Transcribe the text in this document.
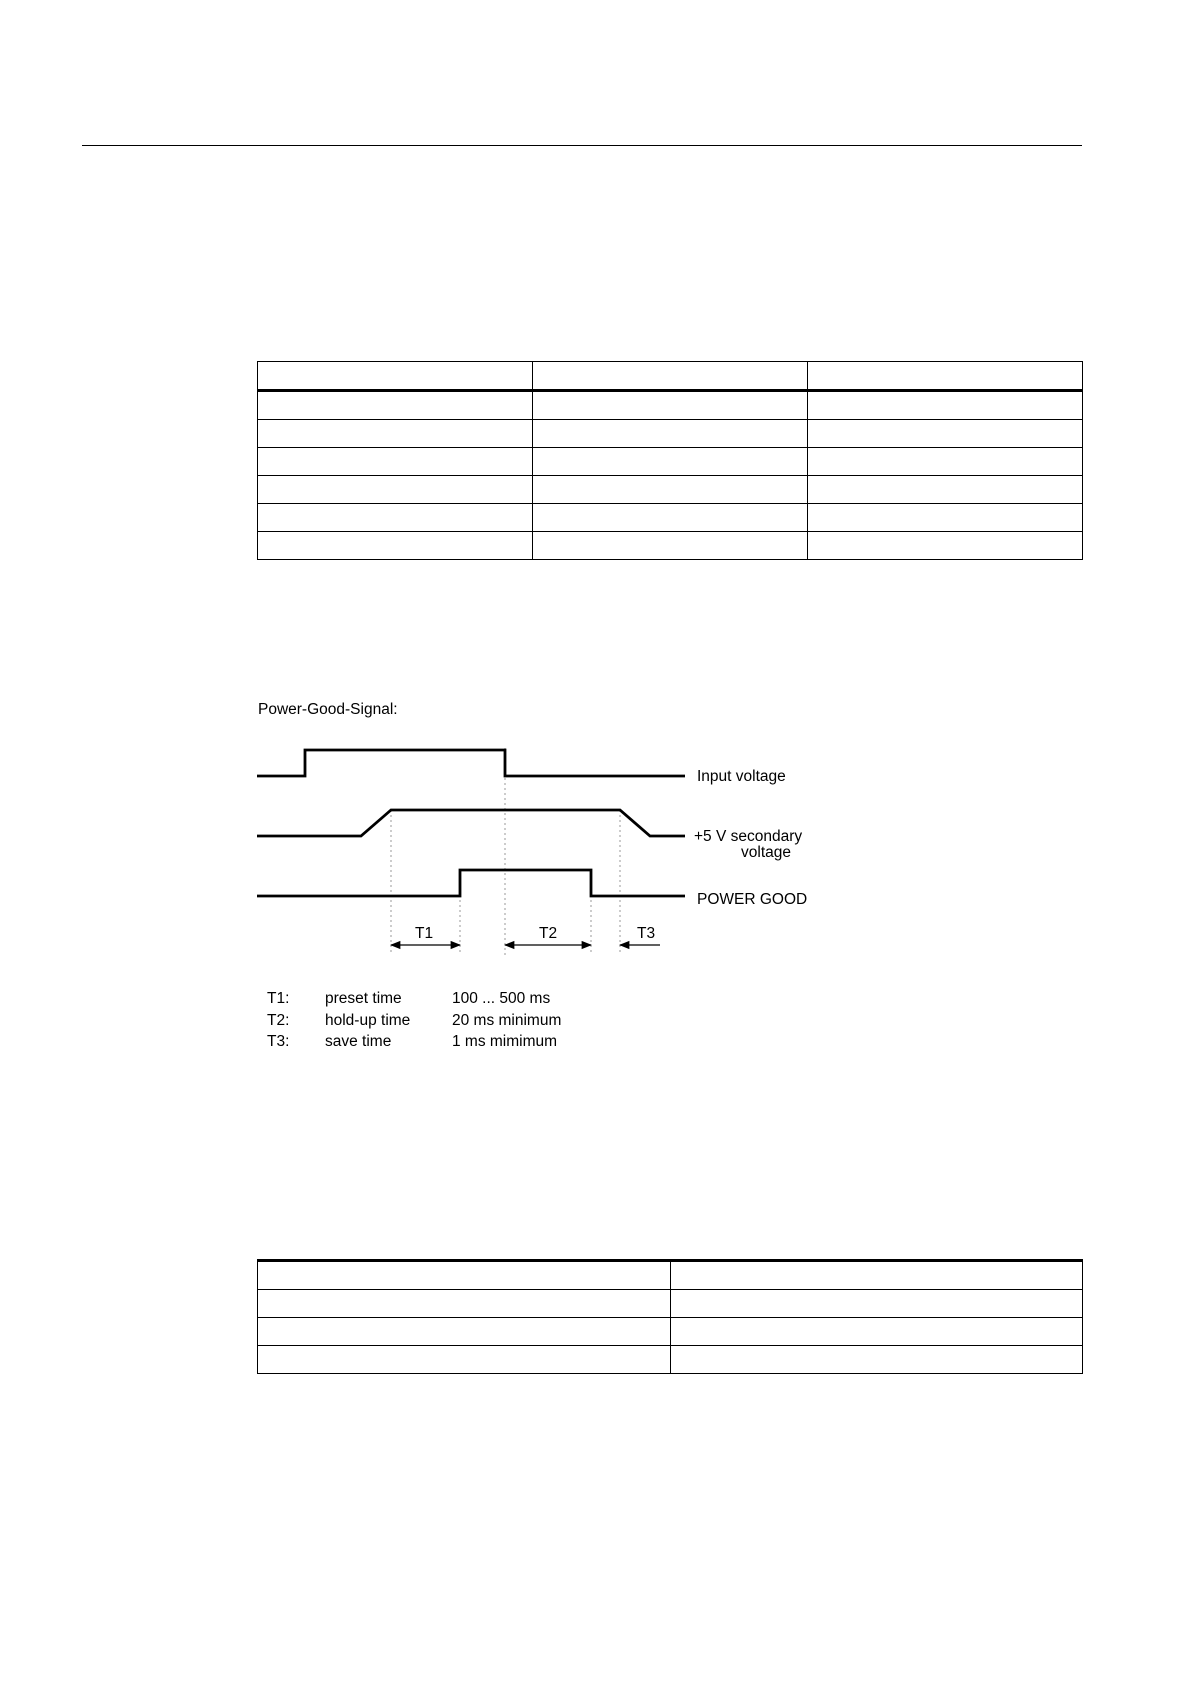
Power-Good-Signal:
Input voltage
+5 V secondary
voltage
POWER GOOD
T1	T2	T3
T1: preset time	100 ... 500 ms
T2: hold-up time	20 ms minimum
T3: save time	1 ms mimimum
